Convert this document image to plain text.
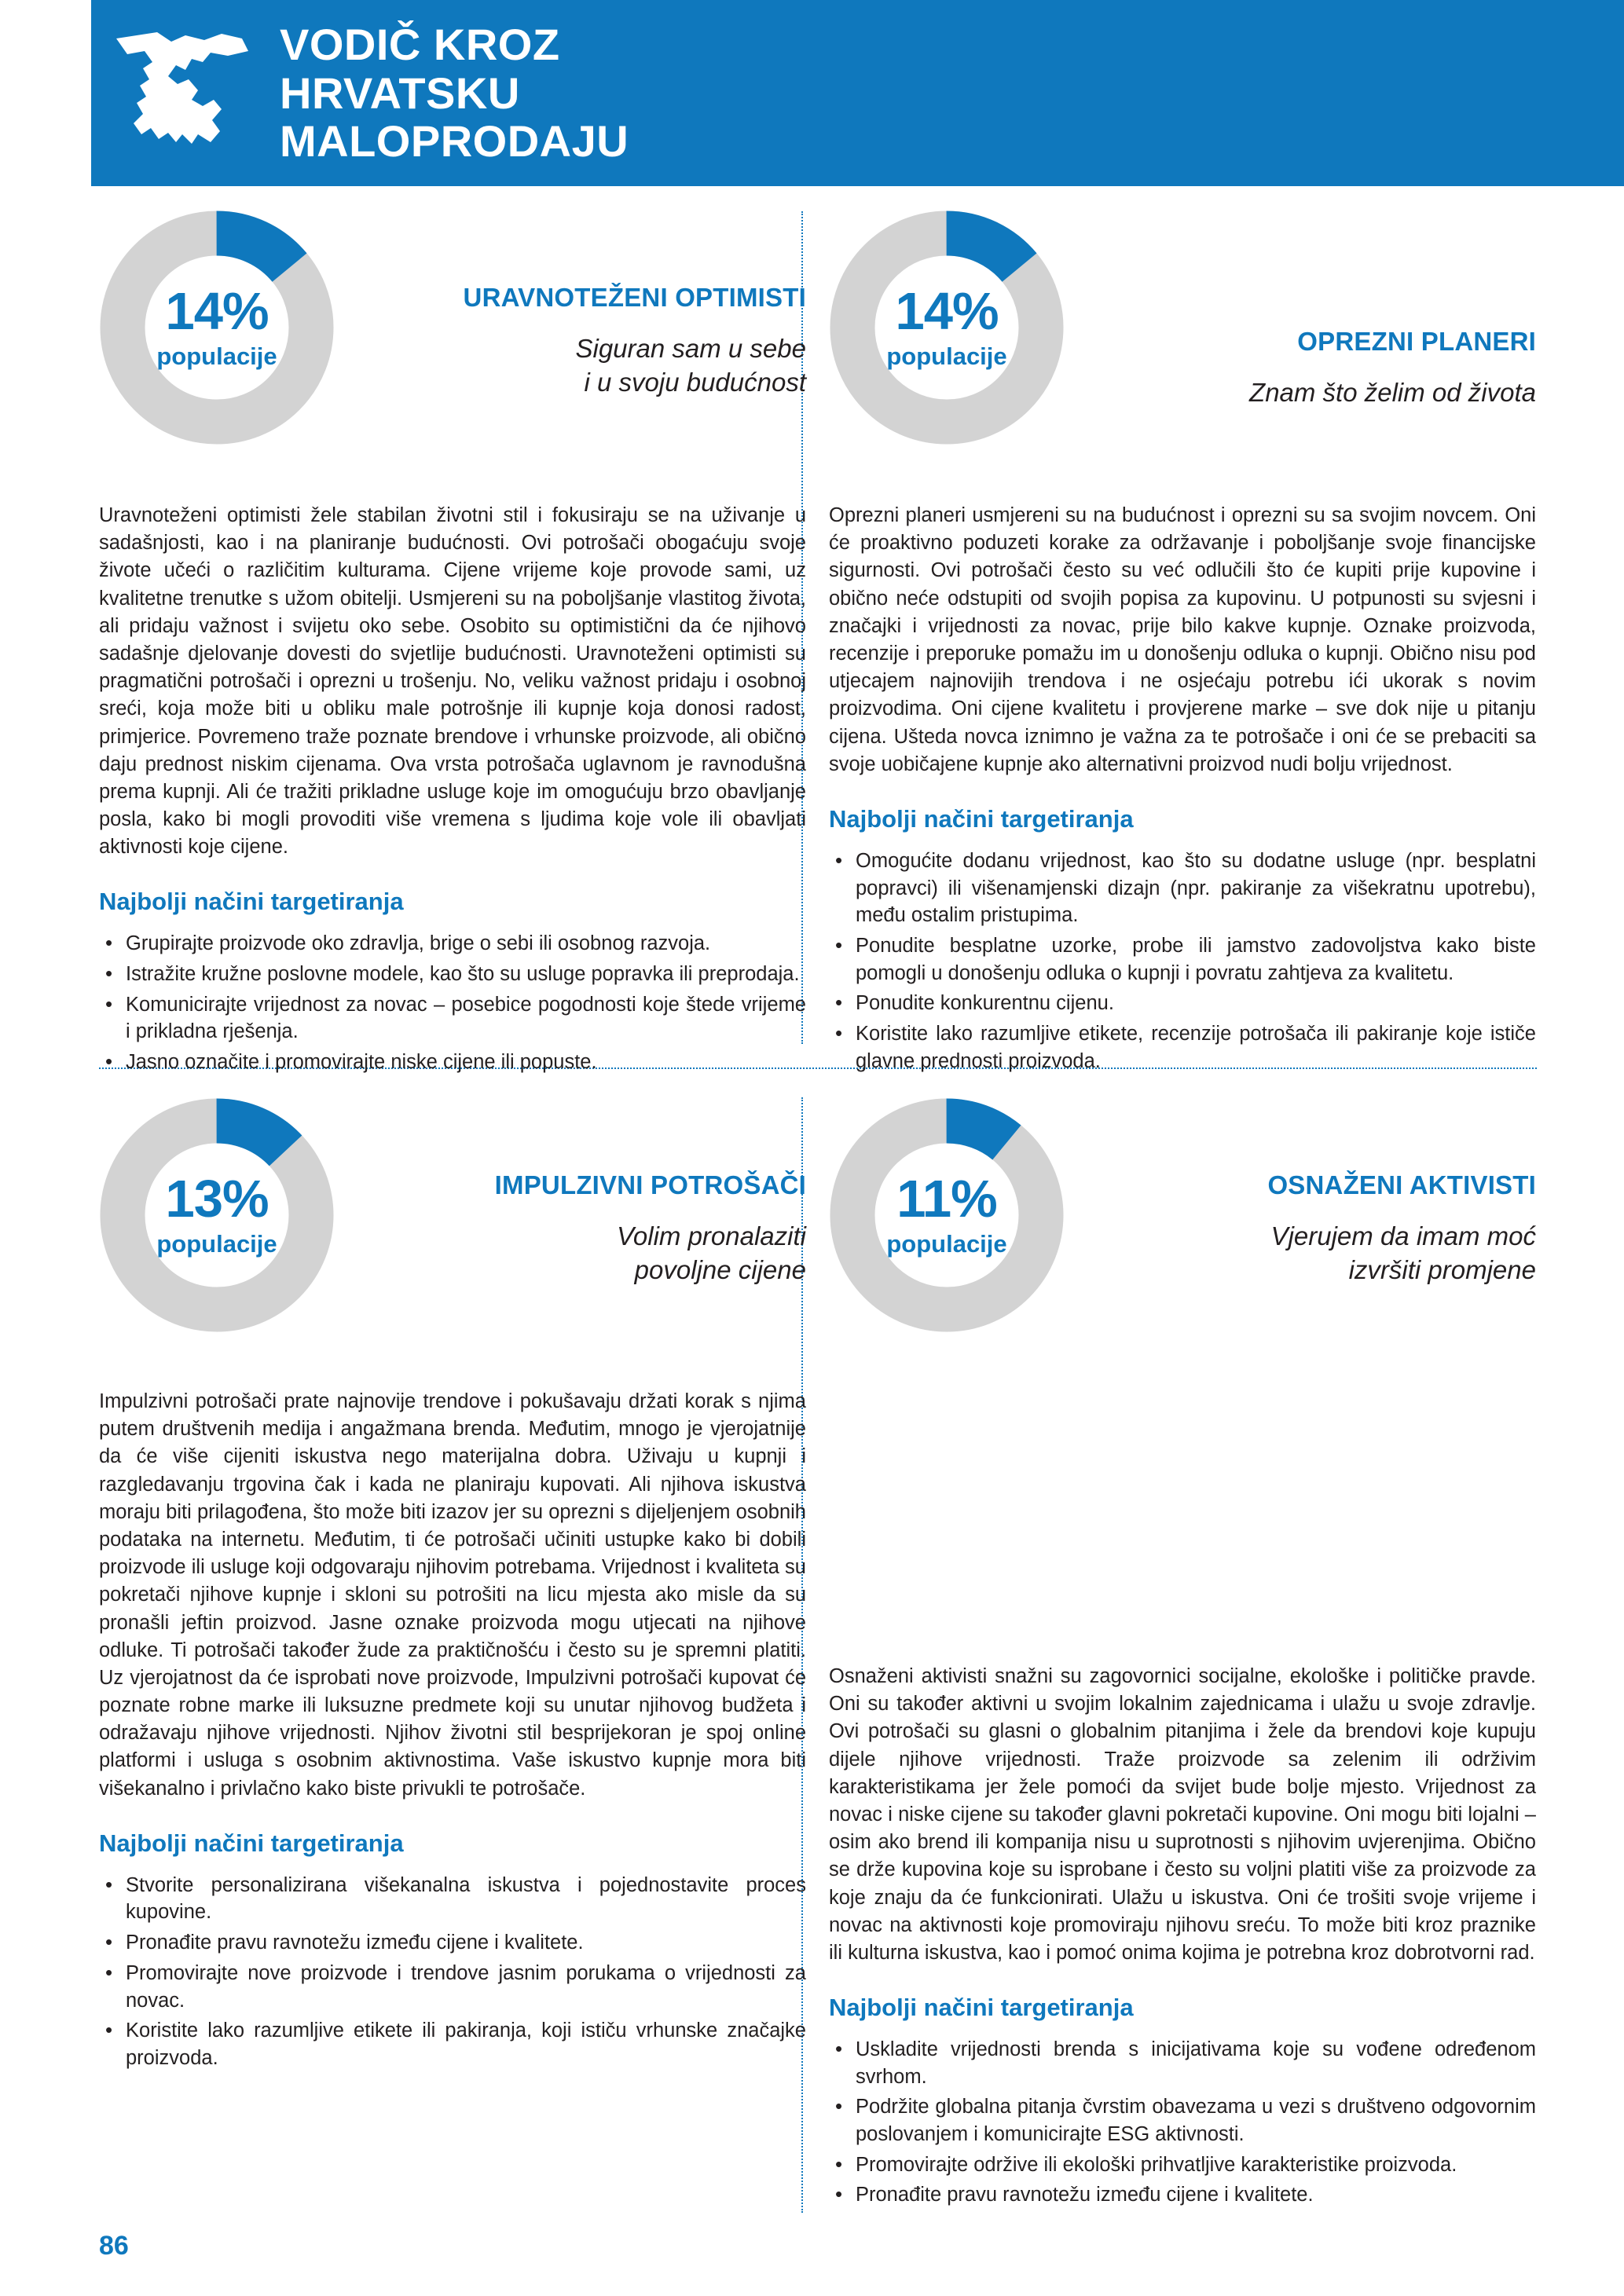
VODIČ KROZ
HRVATSKU
MALOPRODAJU
14%
populacije
URAVNOTEŽENI OPTIMISTI
Siguran sam u sebe
i u svoju budućnost
Uravnoteženi optimisti žele stabilan životni stil i fokusiraju se na uživanje u sadašnjosti, kao i na planiranje budućnosti. Ovi potrošači obogaćuju svoje živote učeći o različitim kulturama. Cijene vrijeme koje provode sami, uz kvalitetne trenutke s užom obitelji. Usmjereni su na poboljšanje vlastitog života, ali pridaju važnost i svijetu oko sebe. Osobito su optimistični da će njihovo sadašnje djelovanje dovesti do svjetlije budućnosti. Uravnoteženi optimisti su pragmatični potrošači i oprezni u trošenju. No, veliku važnost pridaju i osobnoj sreći, koja može biti u obliku male potrošnje ili kupnje koja donosi radost, primjerice. Povremeno traže poznate brendove i vrhunske proizvode, ali obično daju prednost niskim cijenama. Ova vrsta potrošača uglavnom je ravnodušna prema kupnji. Ali će tražiti prikladne usluge koje im omogućuju brzo obavljanje posla, kako bi mogli provoditi više vremena s ljudima koje vole ili obavljati aktivnosti koje cijene.
Najbolji načini targetiranja
• Grupirajte proizvode oko zdravlja, brige o sebi ili osobnog razvoja.
• Istražite kružne poslovne modele, kao što su usluge popravka ili preprodaja.
• Komunicirajte vrijednost za novac – posebice pogodnosti koje štede vrijeme i prikladna rješenja.
• Jasno označite i promovirajte niske cijene ili popuste.
14%
populacije	OPREZNI PLANERI
Znam što želim od života
Oprezni planeri usmjereni su na budućnost i oprezni su sa svojim novcem. Oni će proaktivno poduzeti korake za održavanje i poboljšanje svoje financijske sigurnosti. Ovi potrošači često su već odlučili što će kupiti prije kupovine i obično neće odstupiti od svojih popisa za kupovinu. U potpunosti su svjesni i značajki i vrijednosti za novac, prije bilo kakve kupnje. Oznake proizvoda, recenzije i preporuke pomažu im u donošenju odluka o kupnji. Obično nisu pod utjecajem najnovijih trendova i ne osjećaju potrebu ići ukorak s novim proizvodima. Oni cijene kvalitetu i provjerene marke – sve dok nije u pitanju cijena. Ušteda novca iznimno je važna za te potrošače i oni će se prebaciti sa svoje uobičajene kupnje ako alternativni proizvod nudi bolju vrijednost.
Najbolji načini targetiranja
• Omogućite dodanu vrijednost, kao što su dodatne usluge (npr. besplatni popravci) ili višenamjenski dizajn (npr. pakiranje za višekratnu upotrebu), među ostalim pristupima.
• Ponudite besplatne uzorke, probe ili jamstvo zadovoljstva kako biste pomogli u donošenju odluka o kupnji i povratu zahtjeva za kvalitetu.
• Ponudite konkurentnu cijenu.
• Koristite lako razumljive etikete, recenzije potrošača ili pakiranje koje ističe glavne prednosti proizvoda.
13%
populacije
IMPULZIVNI POTROŠAČI
Volim pronalaziti
povoljne cijene
Impulzivni potrošači prate najnovije trendove i pokušavaju držati korak s njima putem društvenih medija i angažmana brenda. Međutim, mnogo je vjerojatnije da će više cijeniti iskustva nego materijalna dobra. Uživaju u kupnji i razgledavanju trgovina čak i kada ne planiraju kupovati. Ali njihova iskustva moraju biti prilagođena, što može biti izazov jer su oprezni s dijeljenjem osobnih podataka na internetu. Međutim, ti će potrošači učiniti ustupke kako bi dobili proizvode ili usluge koji odgovaraju njihovim potrebama. Vrijednost i kvaliteta su pokretači njihove kupnje i skloni su potrošiti na licu mjesta ako misle da su pronašli jeftin proizvod. Jasne oznake proizvoda mogu utjecati na njihove odluke. Ti potrošači također žude za praktičnošću i često su je spremni platiti. Uz vjerojatnost da će isprobati nove proizvode, Impulzivni potrošači kupovat će poznate robne marke ili luksuzne predmete koji su unutar njihovog budžeta i odražavaju njihove vrijednosti. Njihov životni stil besprijekoran je spoj online platformi i usluga s osobnim aktivnostima. Vaše iskustvo kupnje mora biti višekanalno i privlačno kako biste privukli te potrošače.
Najbolji načini targetiranja
• Stvorite personalizirana višekanalna iskustva i pojednostavite proces kupovine.
• Pronađite pravu ravnotežu između cijene i kvalitete.
• Promovirajte nove proizvode i trendove jasnim porukama o vrijednosti za novac.
• Koristite lako razumljive etikete ili pakiranja, koji ističu vrhunske značajke proizvoda.
11%
populacije
OSNAŽENI AKTIVISTI
Vjerujem da imam moć
izvršiti promjene
Osnaženi aktivisti snažni su zagovornici socijalne, ekološke i političke pravde. Oni su također aktivni u svojim lokalnim zajednicama i ulažu u svoje zdravlje. Ovi potrošači su glasni o globalnim pitanjima i žele da brendovi koje kupuju dijele njihove vrijednosti. Traže proizvode sa zelenim ili održivim karakteristikama jer žele pomoći da svijet bude bolje mjesto. Vrijednost za novac i niske cijene su također glavni pokretači kupovine. Oni mogu biti lojalni – osim ako brend ili kompanija nisu u suprotnosti s njihovim uvjerenjima. Obično se drže kupovina koje su isprobane i često su voljni platiti više za proizvode za koje znaju da će funkcionirati. Ulažu u iskustva. Oni će trošiti svoje vrijeme i novac na aktivnosti koje promoviraju njihovu sreću. To može biti kroz praznike ili kulturna iskustva, kao i pomoć onima kojima je potrebna kroz dobrotvorni rad.
Najbolji načini targetiranja
• Uskladite vrijednosti brenda s inicijativama koje su vođene određenom svrhom.
• Podržite globalna pitanja čvrstim obavezama u vezi s društveno odgovornim poslovanjem i komunicirajte ESG aktivnosti.
• Promovirajte održive ili ekološki prihvatljive karakteristike proizvoda.
• Pronađite pravu ravnotežu između cijene i kvalitete.
86
